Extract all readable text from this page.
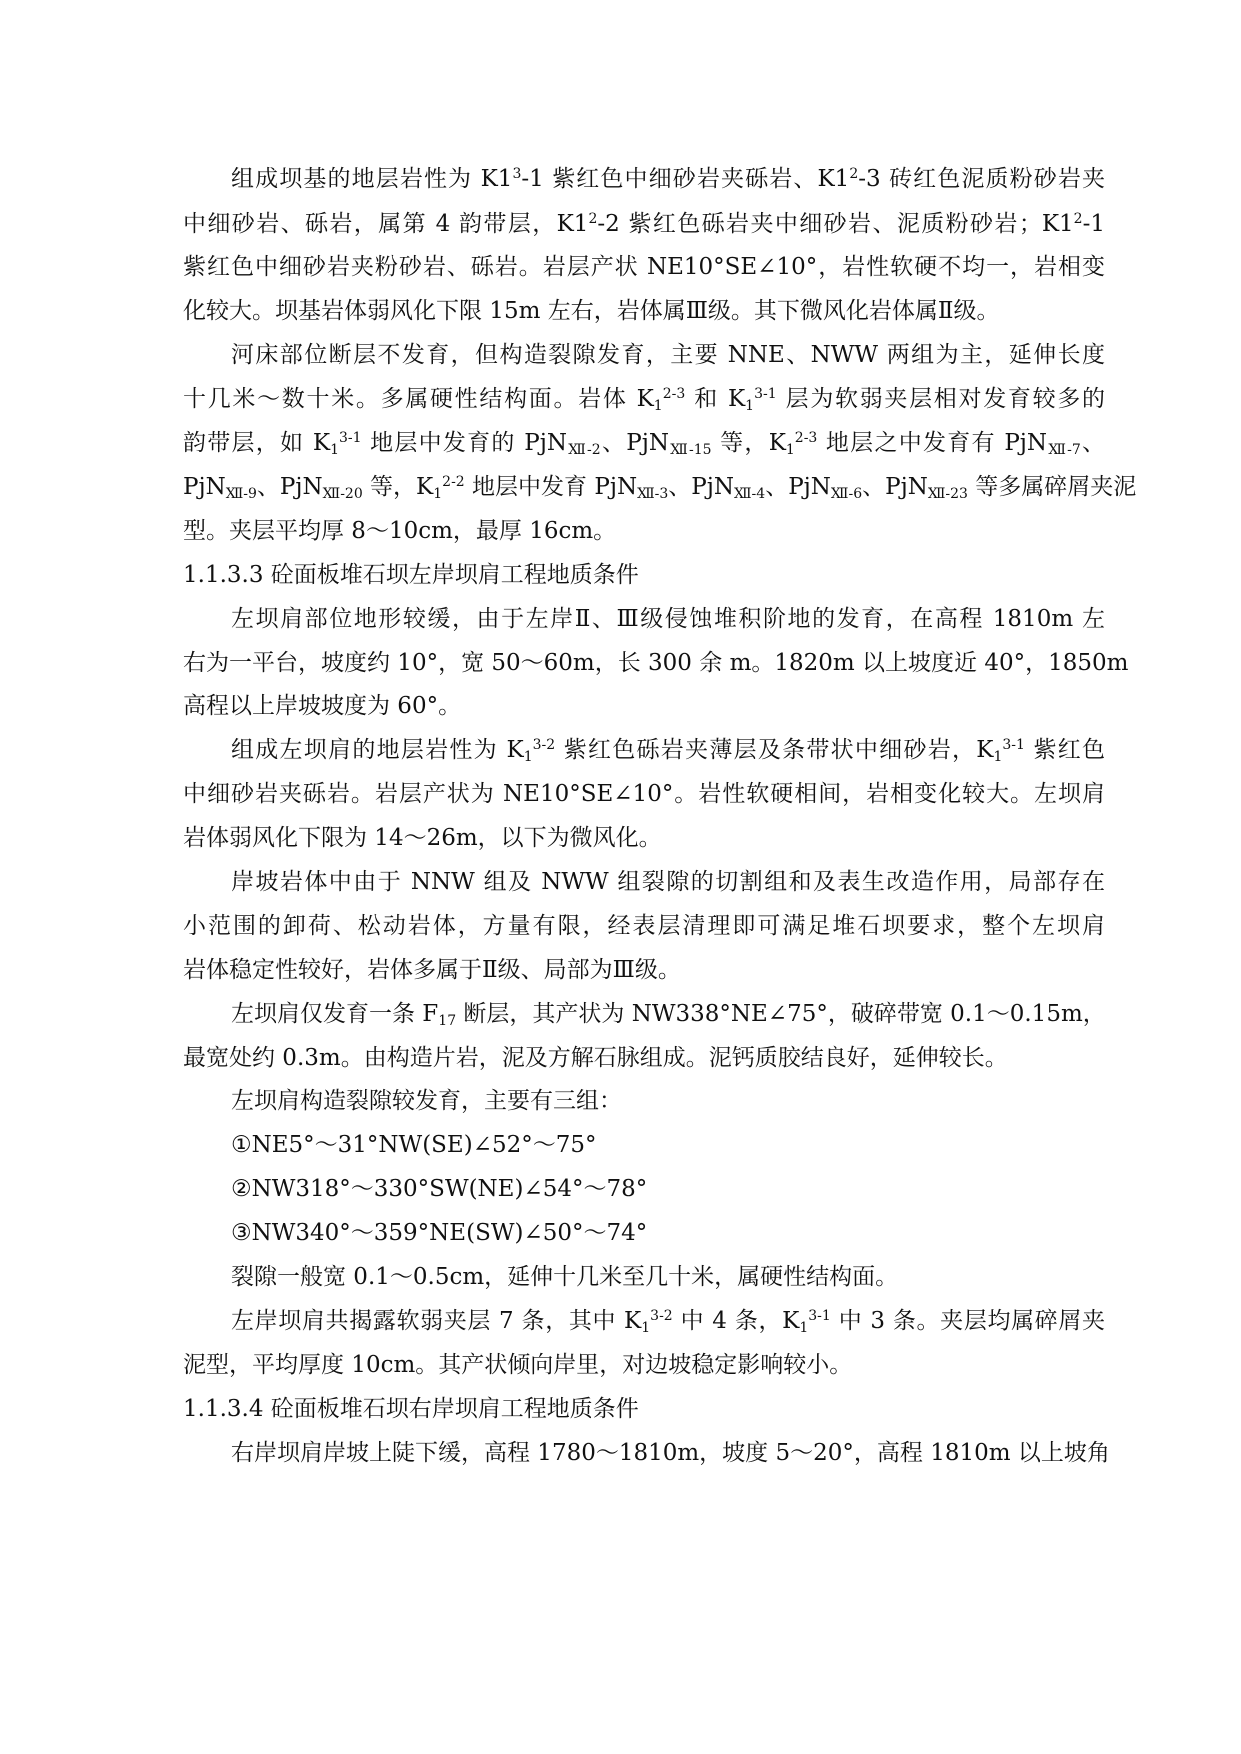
组成坝基的地层岩性为 $K1^3-1$ 紫红色中细砂岩夹砾岩、$K1^2-3$ 砖红色泥质粉砂岩夹
中细砂岩、砾岩，属第 4 韵带层，$K1^2-2$ 紫红色砾岩夹中细砂岩、泥质粉砂岩；$K1^2-1$
紫红色中细砂岩夹粉砂岩、砾岩。岩层产状 NE10°SE∠10°，岩性软硬不均一，岩相变
化较大。坝基岩体弱风化下限 15m 左右，岩体属Ⅲ级。其下微风化岩体属Ⅱ级。
河床部位断层不发育，但构造裂隙发育，主要 NNE、NWW 两组为主，延伸长度
十几米～数十米。多属硬性结构面。岩体 $K_1^{2-3}$ 和 $K_1^{3-1}$ 层为软弱夹层相对发育较多的
韵带层，如 $K_1^{3-1}$ 地层中发育的 PjN$_{Ⅻ-2}$、PjN$_{Ⅻ-15}$ 等，$K_1^{2-3}$ 地层之中发育有 PjN$_{Ⅻ-7}$、
PjN$_{Ⅻ-9}$、PjN$_{Ⅻ-20}$ 等，$K_1^{2-2}$ 地层中发育 PjN$_{Ⅻ-3}$、PjN$_{Ⅻ-4}$、PjN$_{Ⅻ-6}$、PjN$_{Ⅻ-23}$ 等多属碎屑夹泥
型。夹层平均厚 8～10cm，最厚 16cm。
1.1.3.3 砼面板堆石坝左岸坝肩工程地质条件
左坝肩部位地形较缓，由于左岸Ⅱ、Ⅲ级侵蚀堆积阶地的发育，在高程 1810m 左
右为一平台，坡度约 10°，宽 50～60m，长 300 余 m。1820m 以上坡度近 40°，1850m
高程以上岸坡坡度为 60°。
组成左坝肩的地层岩性为 $K_1^{3-2}$ 紫红色砾岩夹薄层及条带状中细砂岩，$K_1^{3-1}$ 紫红色
中细砂岩夹砾岩。岩层产状为 NE10°SE∠10°。岩性软硬相间，岩相变化较大。左坝肩
岩体弱风化下限为 14～26m，以下为微风化。
岸坡岩体中由于 NNW 组及 NWW 组裂隙的切割组和及表生改造作用，局部存在
小范围的卸荷、松动岩体，方量有限，经表层清理即可满足堆石坝要求，整个左坝肩
岩体稳定性较好，岩体多属于Ⅱ级、局部为Ⅲ级。
左坝肩仅发育一条 $F_{17}$ 断层，其产状为 NW338°NE∠75°，破碎带宽 0.1～0.15m，
最宽处约 0.3m。由构造片岩，泥及方解石脉组成。泥钙质胶结良好，延伸较长。
左坝肩构造裂隙较发育，主要有三组：
①NE5°～31°NW(SE)∠52°～75°
②NW318°～330°SW(NE)∠54°～78°
③NW340°～359°NE(SW)∠50°～74°
裂隙一般宽 0.1～0.5cm，延伸十几米至几十米，属硬性结构面。
左岸坝肩共揭露软弱夹层 7 条，其中 $K_1^{3-2}$ 中 4 条，$K_1^{3-1}$ 中 3 条。夹层均属碎屑夹
泥型，平均厚度 10cm。其产状倾向岸里，对边坡稳定影响较小。
1.1.3.4 砼面板堆石坝右岸坝肩工程地质条件
右岸坝肩岸坡上陡下缓，高程 1780～1810m，坡度 5～20°，高程 1810m 以上坡角
